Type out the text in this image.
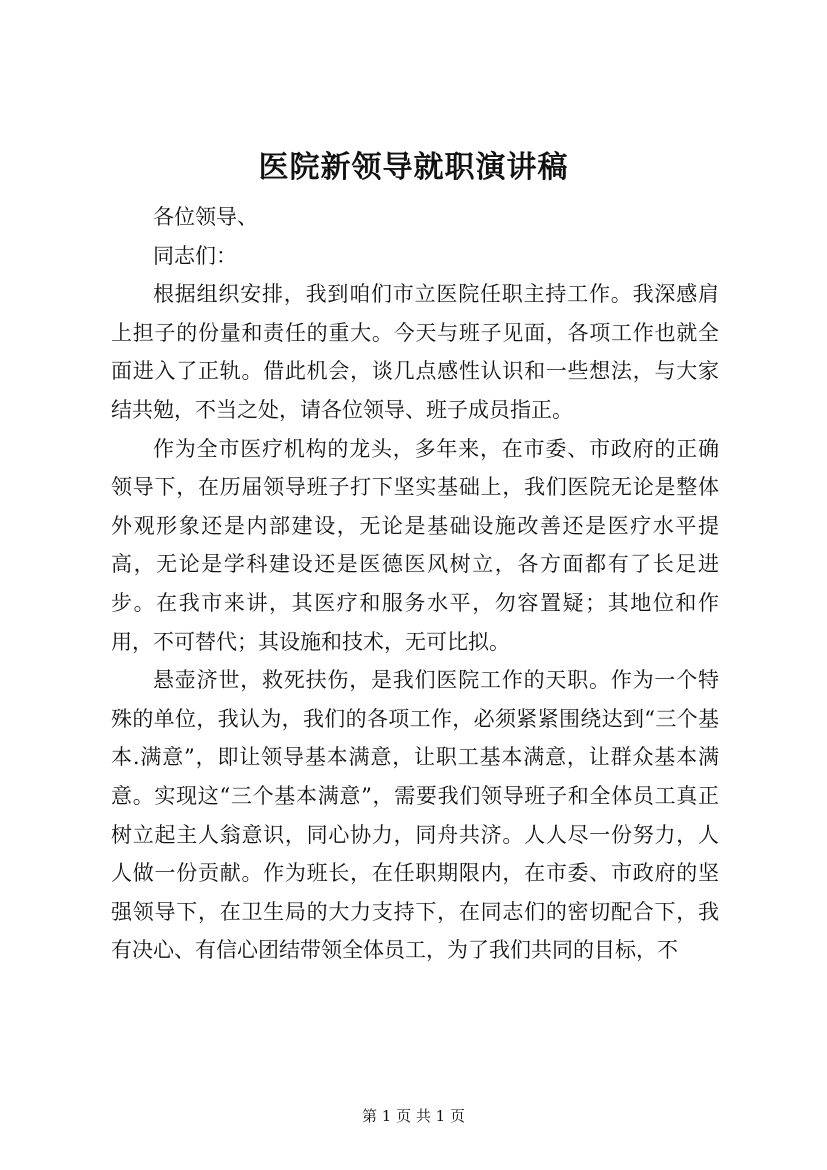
医院新领导就职演讲稿

各位领导、

同志们：

根据组织安排，我到咱们市立医院任职主持工作。我深感肩上担子的份量和责任的重大。今天与班子见面，各项工作也就全面进入了正轨。借此机会，谈几点感性认识和一些想法，与大家结共勉，不当之处，请各位领导、班子成员指正。

作为全市医疗机构的龙头，多年来，在市委、市政府的正确领导下，在历届领导班子打下坚实基础上，我们医院无论是整体外观形象还是内部建设，无论是基础设施改善还是医疗水平提高，无论是学科建设还是医德医风树立，各方面都有了长足进步。在我市来讲，其医疗和服务水平，勿容置疑；其地位和作用，不可替代；其设施和技术，无可比拟。

悬壶济世，救死扶伤，是我们医院工作的天职。作为一个特殊的单位，我认为，我们的各项工作，必须紧紧围绕达到“三个基本.满意”，即让领导基本满意，让职工基本满意，让群众基本满意。实现这“三个基本满意”，需要我们领导班子和全体员工真正树立起主人翁意识，同心协力，同舟共济。人人尽一份努力，人人做一份贡献。作为班长，在任职期限内，在市委、市政府的坚强领导下，在卫生局的大力支持下，在同志们的密切配合下，我有决心、有信心团结带领全体员工，为了我们共同的目标，不

第 1 页 共 1 页
